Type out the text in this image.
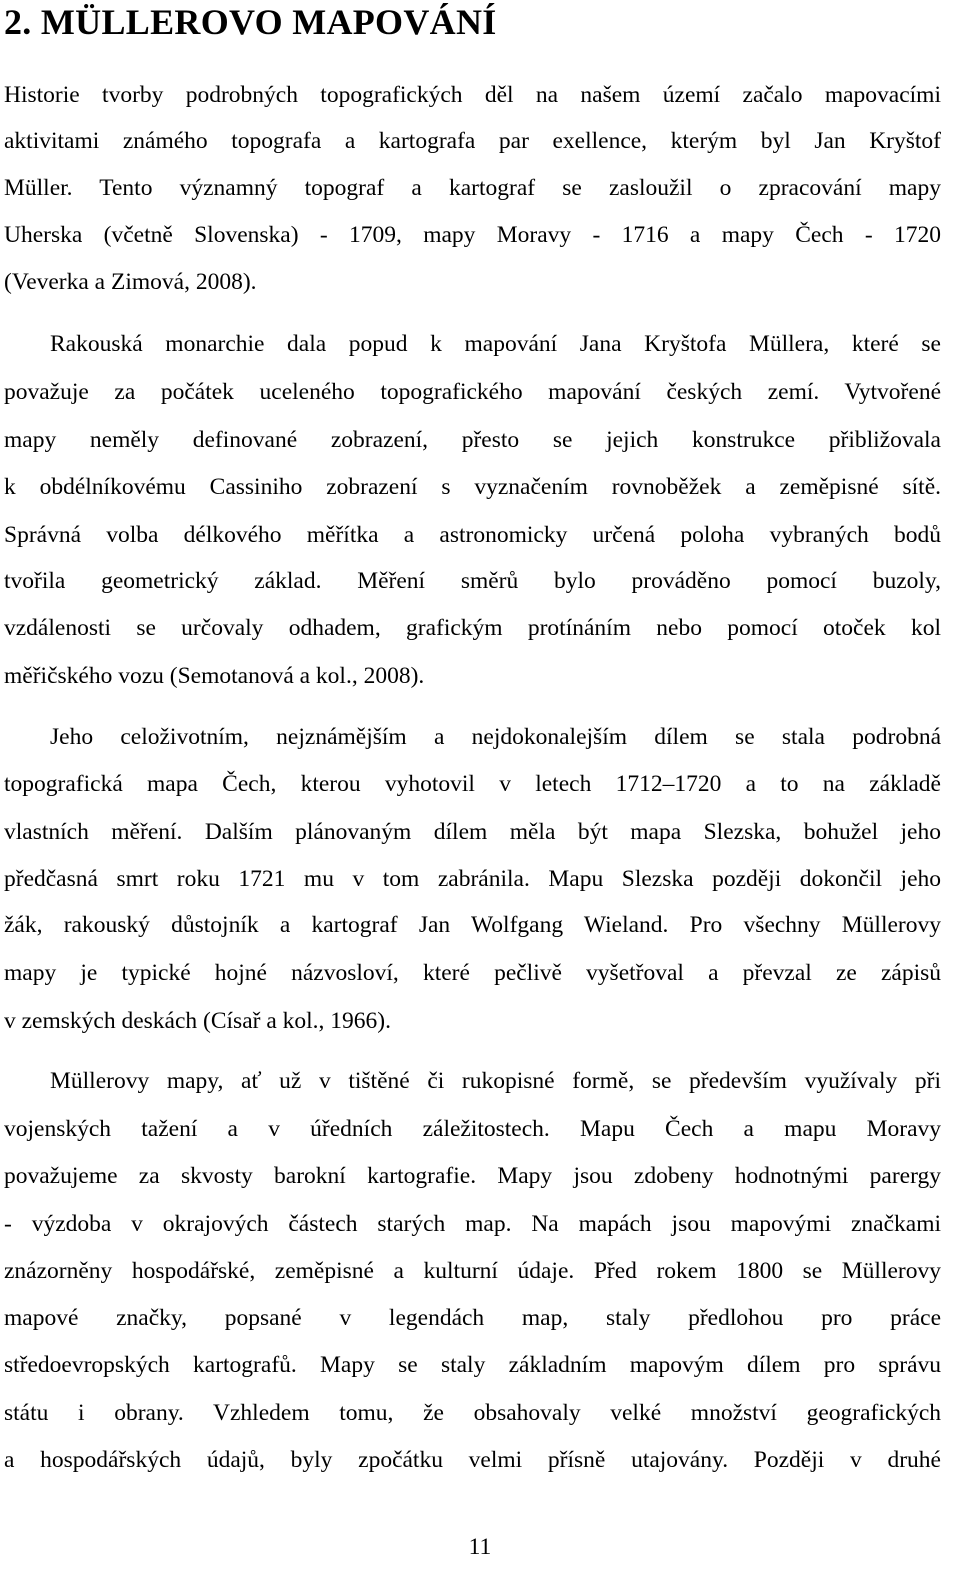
2. MÜLLEROVO MAPOVÁNÍ
Historie tvorby podrobných topografických děl na našem území začalo mapovacími
aktivitami známého topografa a kartografa par exellence, kterým byl Jan Kryštof
Müller. Tento významný topograf a kartograf se zasloužil o zpracování mapy
Uherska (včetně Slovenska) - 1709, mapy Moravy - 1716 a mapy Čech - 1720
(Veverka a Zimová, 2008).
Rakouská monarchie dala popud k mapování Jana Kryštofa Müllera, které se
považuje za počátek uceleného topografického mapování českých zemí. Vytvořené
mapy neměly definované zobrazení, přesto se jejich konstrukce přibližovala
k obdélníkovému Cassiniho zobrazení s vyznačením rovnoběžek a zeměpisné sítě.
Správná volba délkového měřítka a astronomicky určená poloha vybraných bodů
tvořila geometrický základ. Měření směrů bylo prováděno pomocí buzoly,
vzdálenosti se určovaly odhadem, grafickým protínáním nebo pomocí otoček kol
měřičského vozu (Semotanová a kol., 2008).
Jeho celoživotním, nejznámějším a nejdokonalejším dílem se stala podrobná
topografická mapa Čech, kterou vyhotovil v letech 1712–1720 a to na základě
vlastních měření. Dalším plánovaným dílem měla být mapa Slezska, bohužel jeho
předčasná smrt roku 1721 mu v tom zabránila. Mapu Slezska později dokončil jeho
žák, rakouský důstojník a kartograf Jan Wolfgang Wieland. Pro všechny Müllerovy
mapy je typické hojné názvosloví, které pečlivě vyšetřoval a převzal ze zápisů
v zemských deskách (Císař a kol., 1966).
Müllerovy mapy, ať už v tištěné či rukopisné formě, se především využívaly při
vojenských tažení a v úředních záležitostech. Mapu Čech a mapu Moravy
považujeme za skvosty barokní kartografie. Mapy jsou zdobeny hodnotnými parergy
- výzdoba v okrajových částech starých map. Na mapách jsou mapovými značkami
znázorněny hospodářské, zeměpisné a kulturní údaje. Před rokem 1800 se Müllerovy
mapové značky, popsané v legendách map, staly předlohou pro práce
středoevropských kartografů. Mapy se staly základním mapovým dílem pro správu
státu i obrany. Vzhledem tomu, že obsahovaly velké množství geografických
a hospodářských údajů, byly zpočátku velmi přísně utajovány. Později v druhé
11
